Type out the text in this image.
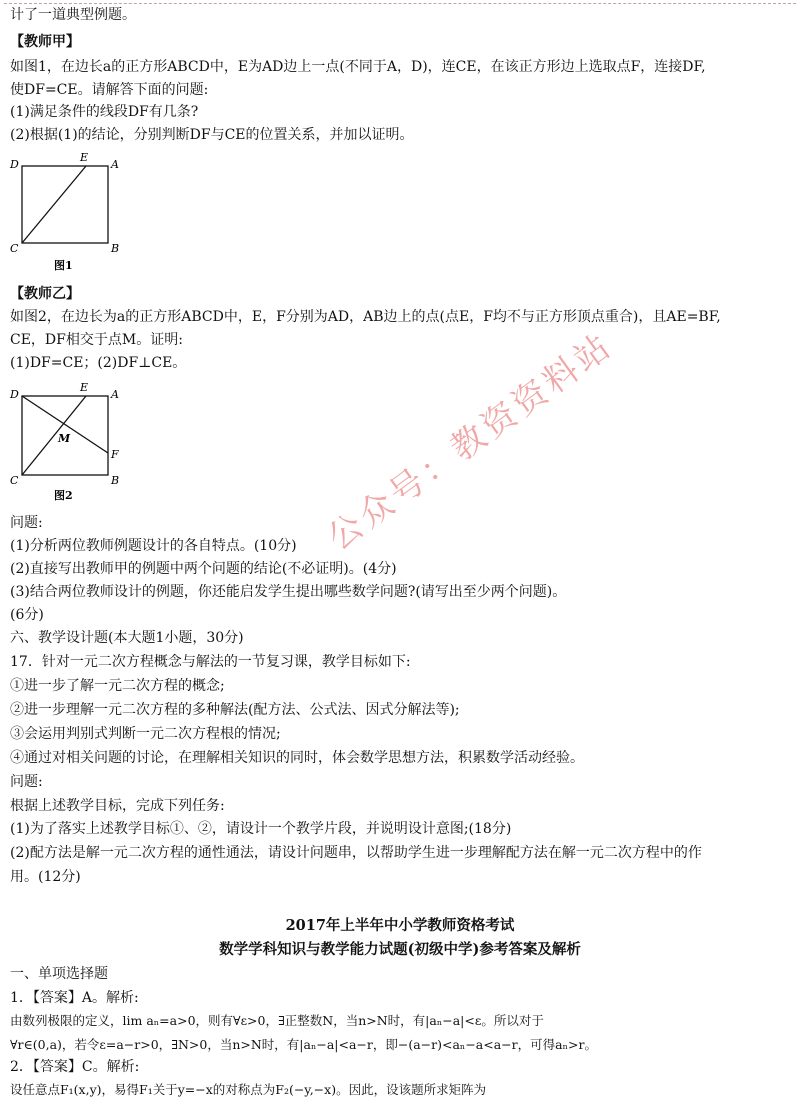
计了一道典型例题。
【教师甲】
如图1，在边长a的正方形ABCD中，E为AD边上一点(不同于A，D)，连CE，在该正方形边上选取点F，连接DF,
使DF=CE。请解答下面的问题:
(1)满足条件的线段DF有几条?
(2)根据(1)的结论，分别判断DF与CE的位置关系，并加以证明。
D
E
A
C	B
图1
【教师乙】
如图2，在边长为a的正方形ABCD中，E，F分别为AD，AB边上的点(点E，F均不与正方形顶点重合)，且AE=BF,
CE，DF相交于点M。证明:
(1)DF=CE；(2)DF⊥CE。
D
E
A
M
F
C	B
图2
问题:
(1)分析两位教师例题设计的各自特点。(10分)
(2)直接写出教师甲的例题中两个问题的结论(不必证明)。(4分)
(3)结合两位教师设计的例题，你还能启发学生提出哪些数学问题?(请写出至少两个问题)。
(6分)
六、教学设计题(本大题1小题，30分)
17．针对一元二次方程概念与解法的一节复习课，教学目标如下:
①进一步了解一元二次方程的概念;
②进一步理解一元二次方程的多种解法(配方法、公式法、因式分解法等);
③会运用判别式判断一元二次方程根的情况;
④通过对相关问题的讨论，在理解相关知识的同时，体会数学思想方法，积累数学活动经验。
问题:
根据上述教学目标，完成下列任务:
(1)为了落实上述教学目标①、②，请设计一个教学片段，并说明设计意图;(18分)
(2)配方法是解一元二次方程的通性通法，请设计问题串，以帮助学生进一步理解配方法在解一元二次方程中的作
用。(12分)
2017年上半年中小学教师资格考试
数学学科知识与教学能力试题(初级中学)参考答案及解析
一、单项选择题
1．【答案】A。解析:
由数列极限的定义，lim aₙ=a>0，则有∀ε>0，∃正整数N，当n>N时，有|aₙ−a|<ε。所以对于
∀r∈(0,a)，若令ε=a−r>0，∃N>0，当n>N时，有|aₙ−a|<a−r，即−(a−r)<aₙ−a<a−r，可得aₙ>r。
2．【答案】C。解析:
设任意点F₁(x,y)，易得F₁关于y=−x的对称点为F₂(−y,−x)。因此，设该题所求矩阵为
公众号：教资资料站
